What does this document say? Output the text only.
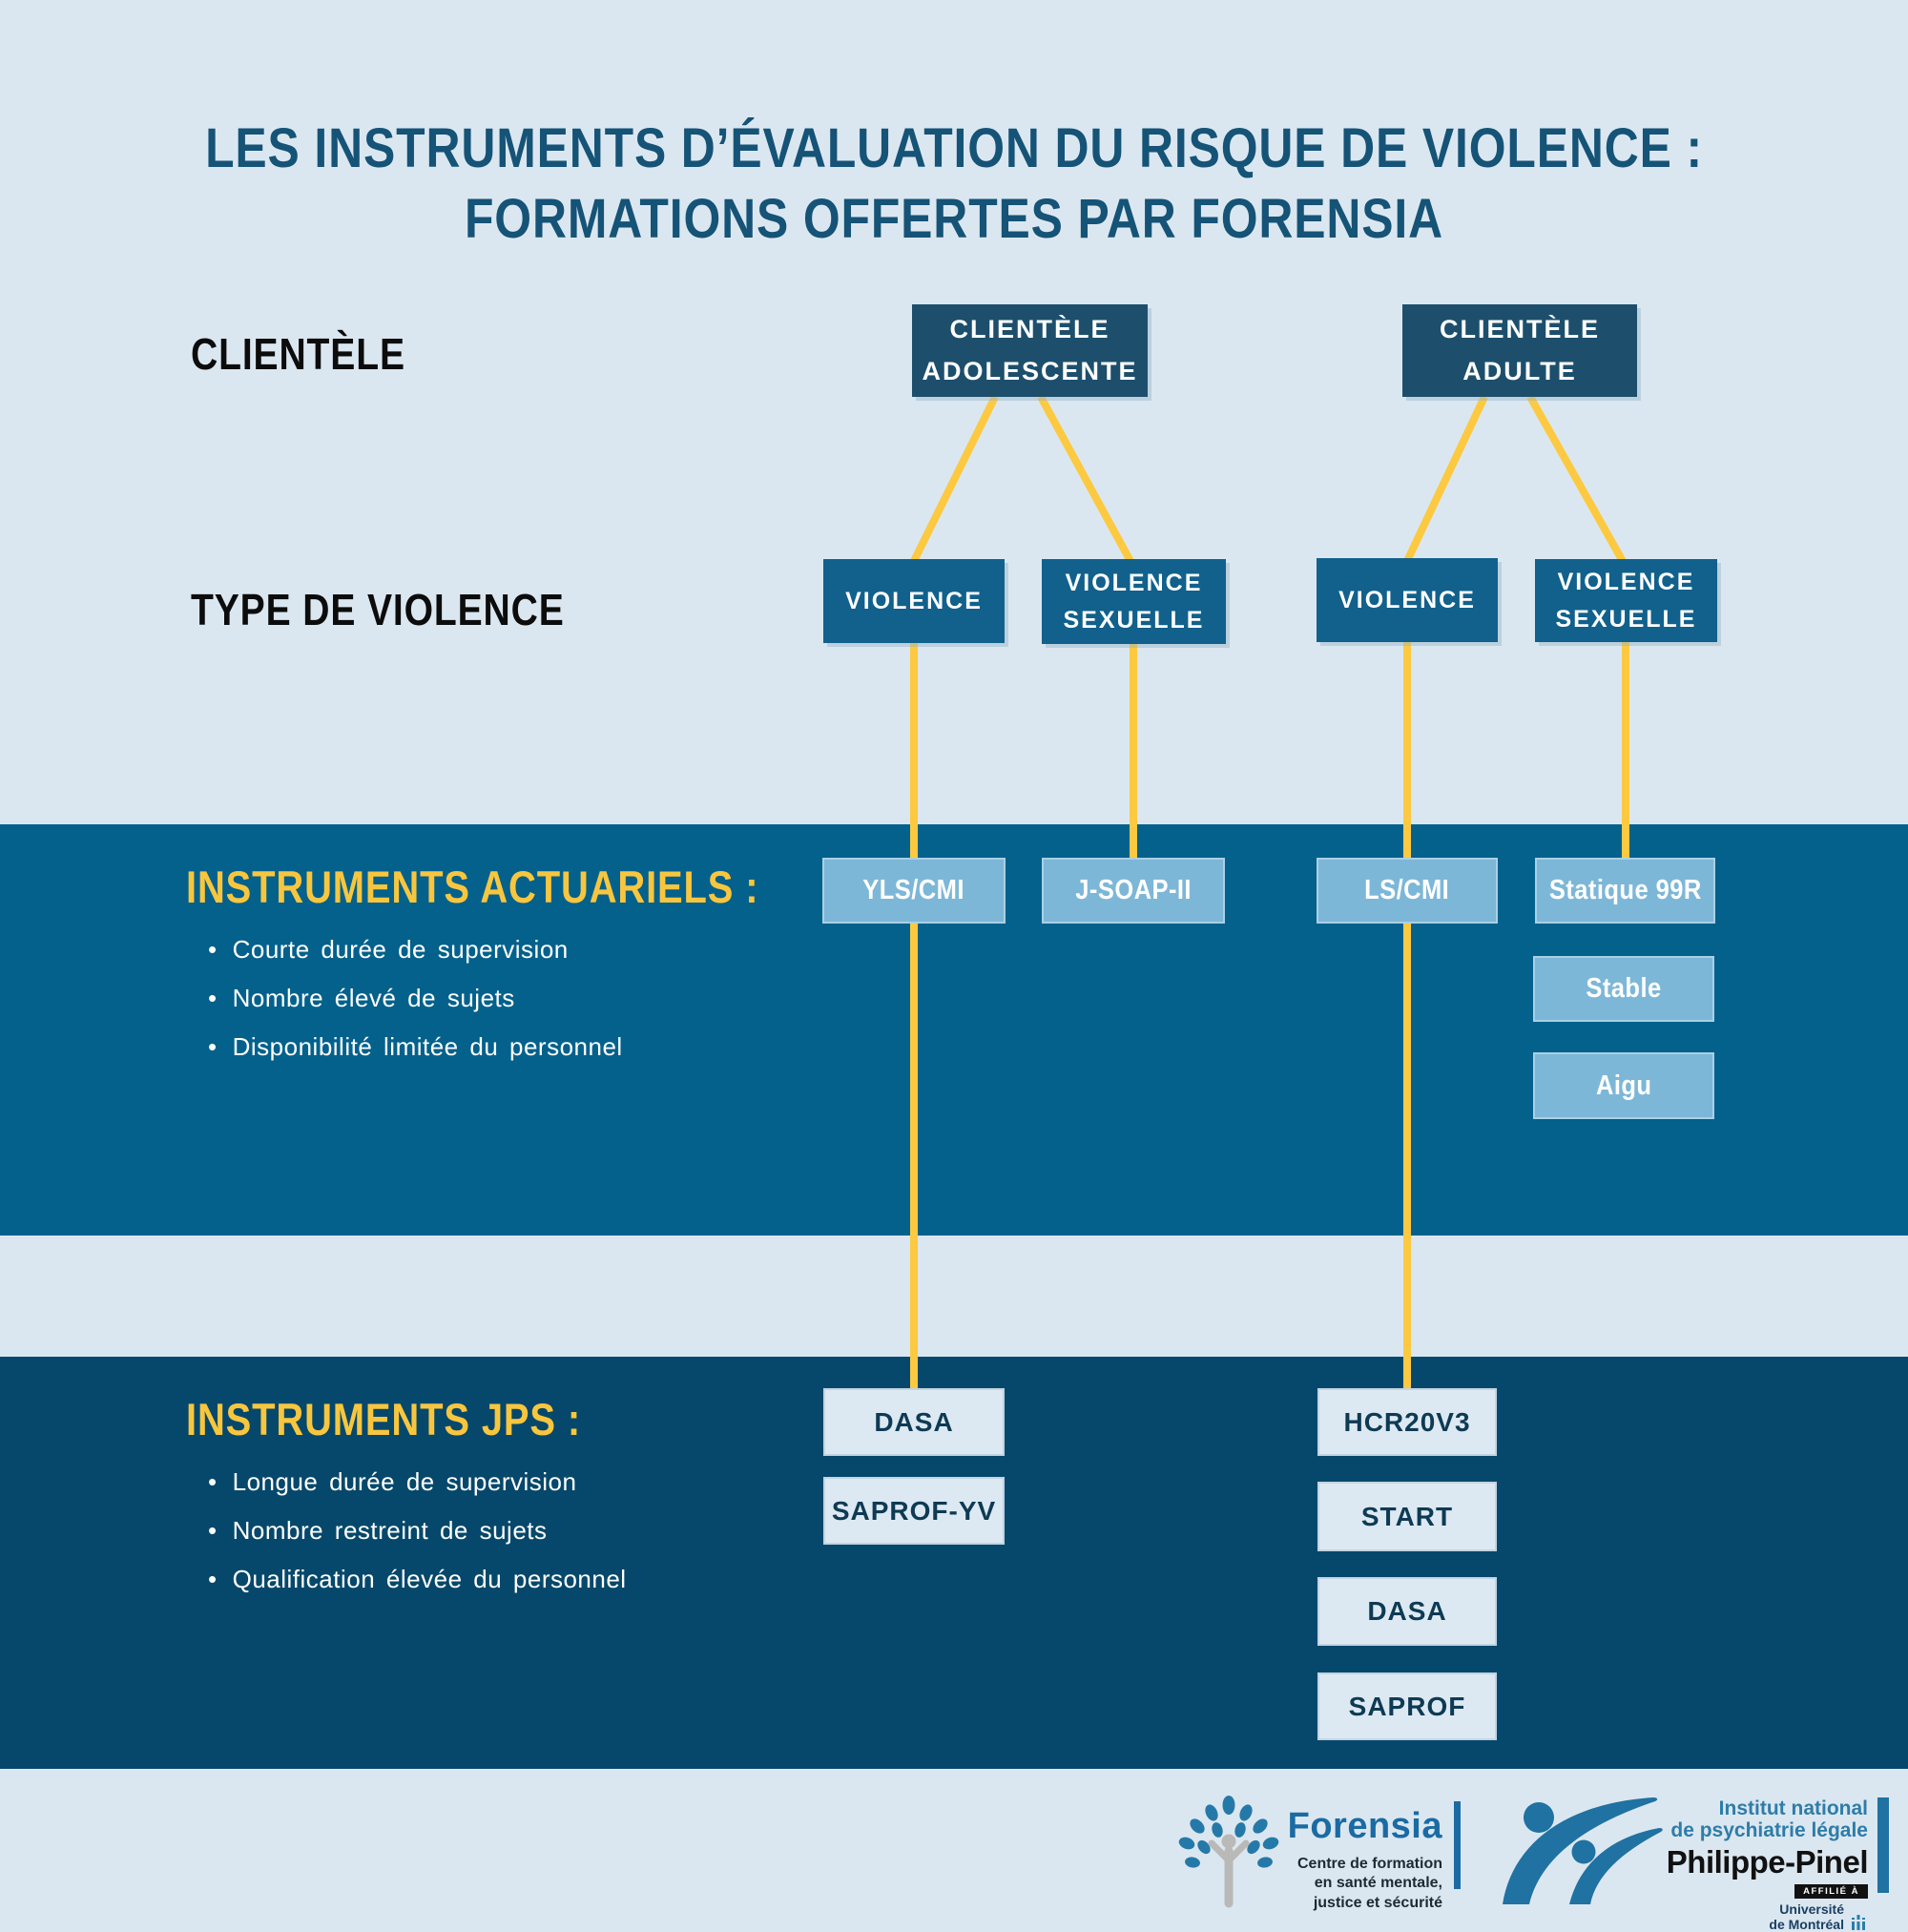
LES INSTRUMENTS D’ÉVALUATION DU RISQUE DE VIOLENCE :
FORMATIONS OFFERTES PAR FORENSIA
CLIENTÈLE
TYPE DE VIOLENCE
CLIENTÈLE
ADOLESCENTE
CLIENTÈLE
ADULTE
VIOLENCE
VIOLENCE
SEXUELLE
VIOLENCE
VIOLENCE
SEXUELLE
INSTRUMENTS ACTUARIELS :
• Courte durée de supervision
• Nombre élevé de sujets
• Disponibilité limitée du personnel
YLS/CMI	J-SOAP-II	LS/CMI	Statique 99R
Stable
Aigu
INSTRUMENTS JPS :
• Longue durée de supervision
• Nombre restreint de sujets
• Qualification élevée du personnel
DASA
SAPROF-YV
HCR20V3
START
DASA
SAPROF
Forensia
Centre de formation
en santé mentale,
justice et sécurité
Institut national
de psychiatrie légale
Philippe-Pinel
AFFILIÉ À
Université
de Montréal
